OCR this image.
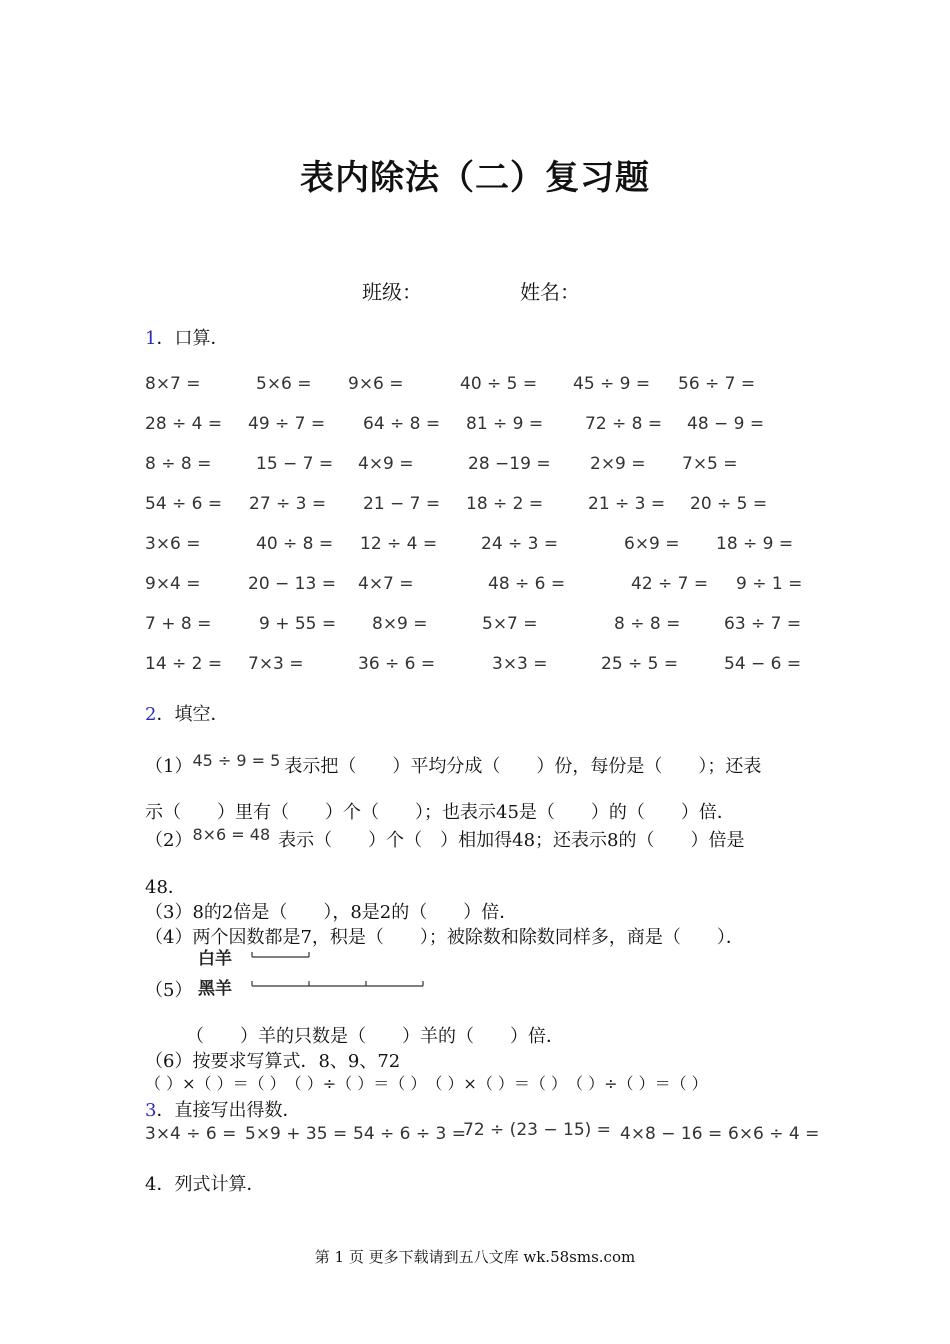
表内除法（二）复习题
班级：	姓名：
1．口算．
8×7 =	5×6 = 9×6 =	40 ÷ 5 = 45 ÷ 9 = 56 ÷ 7 =
28 ÷ 4 = 49 ÷ 7 = 64 ÷ 8 = 81 ÷ 9 = 72 ÷ 8 = 48 − 9 =
8 ÷ 8 =	15 − 7 = 4×9 =	28 −19 = 2×9 = 7×5 =
54 ÷ 6 = 27 ÷ 3 = 21 − 7 = 18 ÷ 2 =	21 ÷ 3 = 20 ÷ 5 =
3×6 =	40 ÷ 8 = 12 ÷ 4 =	24 ÷ 3 =	6×9 = 18 ÷ 9 =
9×4 =	20 − 13 = 4×7 =	48 ÷ 6 =	42 ÷ 7 = 9 ÷ 1 =
7 + 8 =	9 + 55 = 8×9 =	5×7 =	8 ÷ 8 =	63 ÷ 7 =
14 ÷ 2 = 7×3 =	36 ÷ 6 =	3×3 =	25 ÷ 5 =	54 − 6 =
2．填空．
（1）45 ÷ 9 = 5 表示把（　　）平均分成（　　）份，每份是（　　）；还表
示（　　）里有（　　）个（　　）；也表示45是（　　）的（　　）倍．
（2）8×6 = 48 表示（　　）个（　）相加得48；还表示8的（　　）倍是
48．
（3）8的2倍是（　　），8是2的（　　）倍．
（4）两个因数都是7，积是（　　）；被除数和除数同样多，商是（　　）．
白羊
黑羊
（5）
（　　）羊的只数是（　　）羊的（　　）倍．
（6）按要求写算式．8、9、72
（ ）×（ ）＝（ ）　（ ）÷（ ）＝（ ）　（ ）×（ ）＝（ ）　（ ）÷（ ）＝（ ）
3．直接写出得数．
3×4 ÷ 6 = 5×9 + 35 = 54 ÷ 6 ÷ 3 =
72 ÷ (23 − 15) = 4×8 − 16 = 6×6 ÷ 4 =
4．列式计算．
第 1 页 更多下载请到五八文库 wk.58sms.com
